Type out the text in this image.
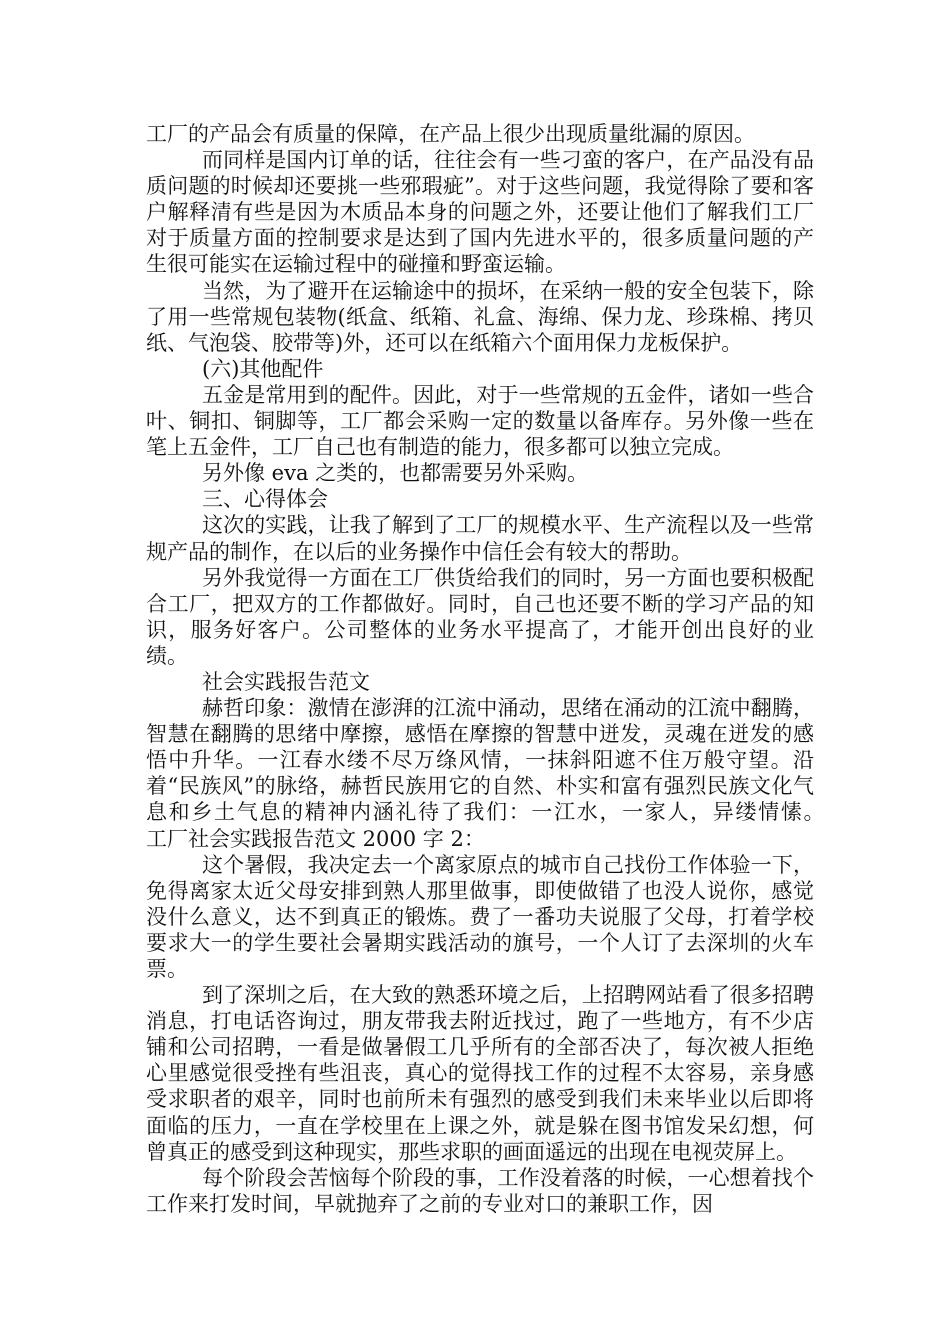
工厂的产品会有质量的保障，在产品上很少出现质量纰漏的原因。

而同样是国内订单的话，往往会有一些刁蛮的客户，在产品没有品质问题的时候却还要挑一些邪瑕疵”。对于这些问题，我觉得除了要和客户解释清有些是因为木质品本身的问题之外，还要让他们了解我们工厂对于质量方面的控制要求是达到了国内先进水平的，很多质量问题的产生很可能实在运输过程中的碰撞和野蛮运输。

当然，为了避开在运输途中的损坏，在采纳一般的安全包装下，除了用一些常规包装物(纸盒、纸箱、礼盒、海绵、保力龙、珍珠棉、拷贝纸、气泡袋、胶带等)外，还可以在纸箱六个面用保力龙板保护。

(六)其他配件

五金是常用到的配件。因此，对于一些常规的五金件，诸如一些合叶、铜扣、铜脚等，工厂都会采购一定的数量以备库存。另外像一些在笔上五金件，工厂自己也有制造的能力，很多都可以独立完成。

另外像 eva 之类的，也都需要另外采购。

三、心得体会

这次的实践，让我了解到了工厂的规模水平、生产流程以及一些常规产品的制作，在以后的业务操作中信任会有较大的帮助。

另外我觉得一方面在工厂供货给我们的同时，另一方面也要积极配合工厂，把双方的工作都做好。同时，自己也还要不断的学习产品的知识，服务好客户。公司整体的业务水平提高了，才能开创出良好的业绩。

社会实践报告范文

赫哲印象：激情在澎湃的江流中涌动，思绪在涌动的江流中翻腾，智慧在翻腾的思绪中摩擦，感悟在摩擦的智慧中迸发，灵魂在迸发的感悟中升华。一江春水缕不尽万绦风情，一抹斜阳遮不住万般守望。沿着“民族风”的脉络，赫哲民族用它的自然、朴实和富有强烈民族文化气息和乡土气息的精神内涵礼待了我们：一江水，一家人，异缕情愫。　　工厂社会实践报告范文 2000 字 2：

这个暑假，我决定去一个离家原点的城市自己找份工作体验一下，免得离家太近父母安排到熟人那里做事，即使做错了也没人说你，感觉没什么意义，达不到真正的锻炼。费了一番功夫说服了父母，打着学校要求大一的学生要社会暑期实践活动的旗号，一个人订了去深圳的火车票。

到了深圳之后，在大致的熟悉环境之后，上招聘网站看了很多招聘消息，打电话咨询过，朋友带我去附近找过，跑了一些地方，有不少店铺和公司招聘，一看是做暑假工几乎所有的全部否决了，每次被人拒绝心里感觉很受挫有些沮丧，真心的觉得找工作的过程不太容易，亲身感受求职者的艰辛，同时也前所未有强烈的感受到我们未来毕业以后即将面临的压力，一直在学校里在上课之外，就是躲在图书馆发呆幻想，何曾真正的感受到这种现实，那些求职的画面遥远的出现在电视荧屏上。

每个阶段会苦恼每个阶段的事，工作没着落的时候，一心想着找个工作来打发时间，早就抛弃了之前的专业对口的兼职工作，因
